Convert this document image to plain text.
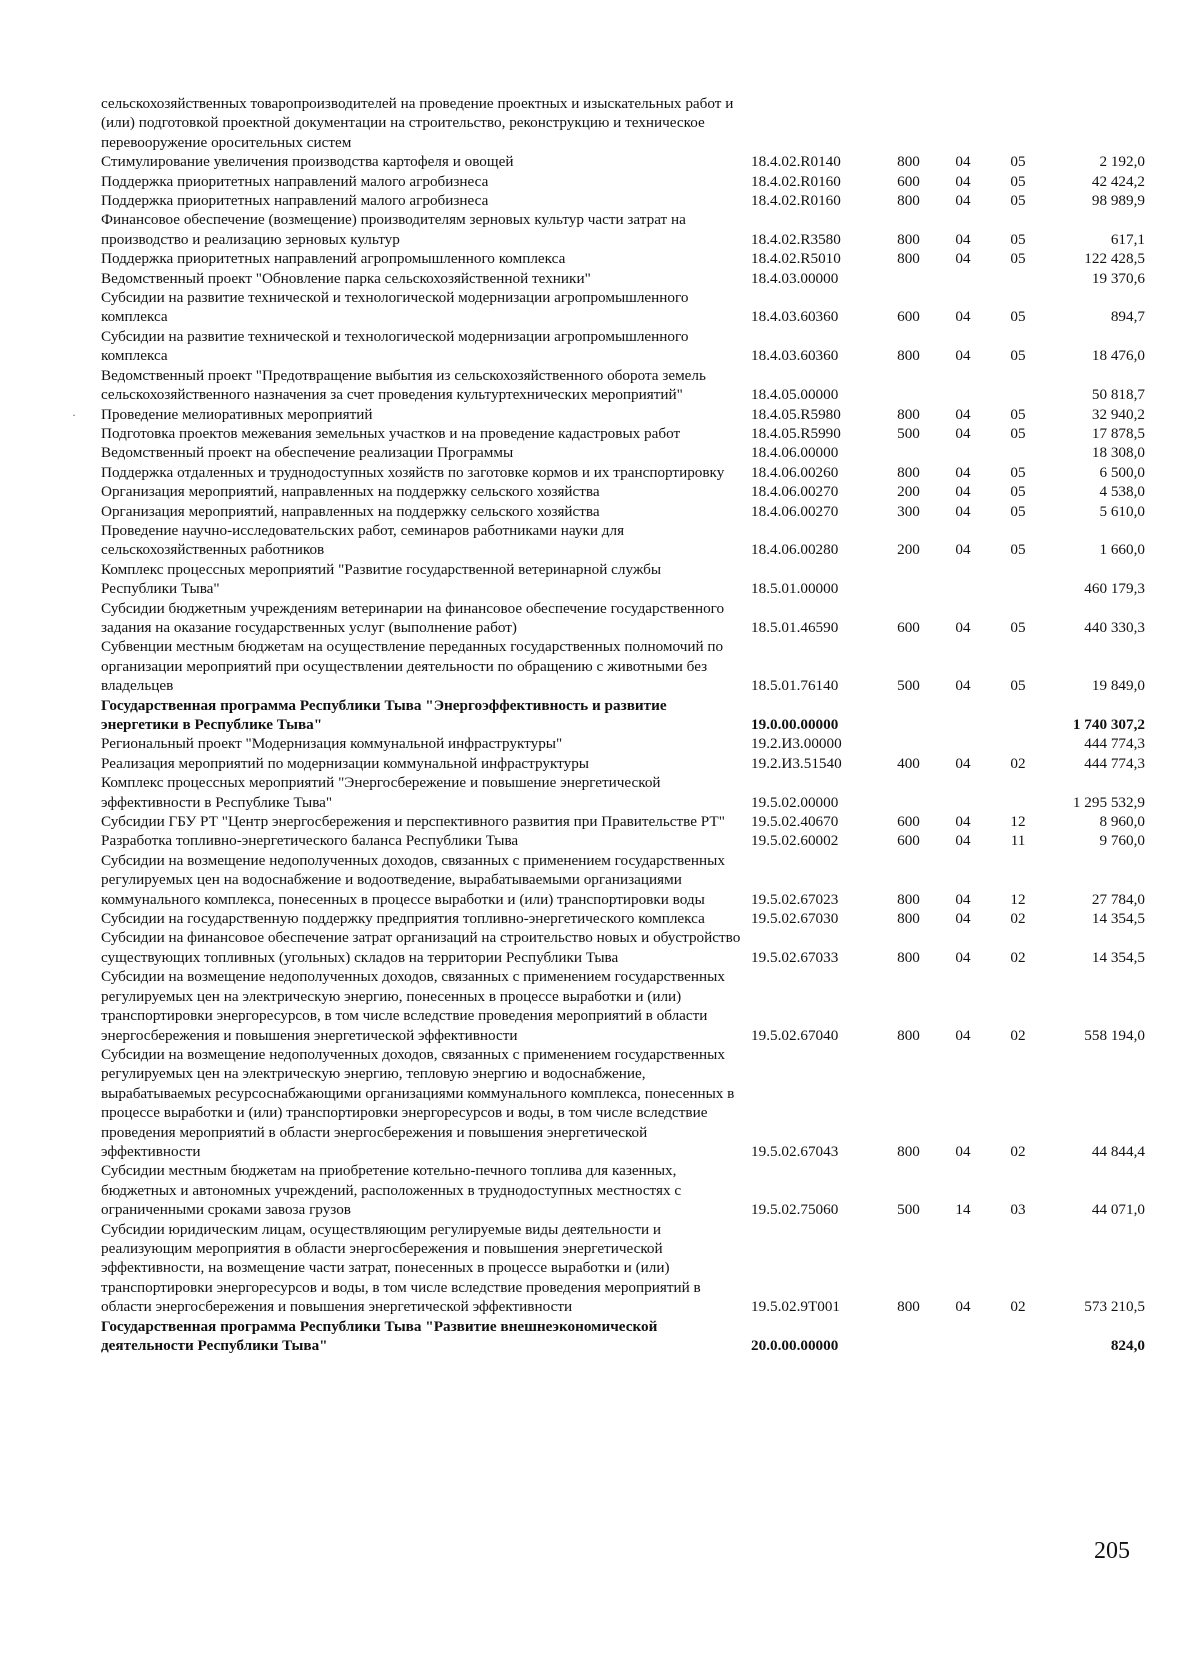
·
сельскохозяйственных товаропроизводителей на проведение проектных и изыскательных работ и (или) подготовкой проектной документации на строительство, реконструкцию и техническое перевооружение оросительных систем					
Стимулирование увеличения производства картофеля и овощей	18.4.02.R0140	800	04	05	2 192,0
Поддержка приоритетных направлений малого агробизнеса	18.4.02.R0160	600	04	05	42 424,2
Поддержка приоритетных направлений малого агробизнеса	18.4.02.R0160	800	04	05	98 989,9
Финансовое обеспечение (возмещение) производителям зерновых культур части затрат на производство и реализацию зерновых культур	18.4.02.R3580	800	04	05	617,1
Поддержка приоритетных направлений агропромышленного комплекса	18.4.02.R5010	800	04	05	122 428,5
Ведомственный проект "Обновление парка сельскохозяйственной техники"	18.4.03.00000				19 370,6
Субсидии на развитие технической и технологической модернизации агропромышленного комплекса	18.4.03.60360	600	04	05	894,7
Субсидии на развитие технической и технологической модернизации агропромышленного комплекса	18.4.03.60360	800	04	05	18 476,0
Ведомственный проект "Предотвращение выбытия из сельскохозяйственного оборота земель сельскохозяйственного назначения за счет проведения культуртехнических мероприятий"	18.4.05.00000				50 818,7
Проведение мелиоративных мероприятий	18.4.05.R5980	800	04	05	32 940,2
Подготовка проектов межевания земельных участков и на проведение кадастровых работ	18.4.05.R5990	500	04	05	17 878,5
Ведомственный проект на обеспечение реализации Программы	18.4.06.00000				18 308,0
Поддержка отдаленных и труднодоступных хозяйств по заготовке кормов и их транспортировку	18.4.06.00260	800	04	05	6 500,0
Организация мероприятий, направленных на поддержку сельского хозяйства	18.4.06.00270	200	04	05	4 538,0
Организация мероприятий, направленных на поддержку сельского хозяйства	18.4.06.00270	300	04	05	5 610,0
Проведение научно-исследовательских работ, семинаров работниками науки для сельскохозяйственных работников	18.4.06.00280	200	04	05	1 660,0
Комплекс процессных мероприятий "Развитие государственной ветеринарной службы Республики Тыва"	18.5.01.00000				460 179,3
Субсидии бюджетным учреждениям ветеринарии на финансовое обеспечение государственного задания на оказание государственных услуг (выполнение работ)	18.5.01.46590	600	04	05	440 330,3
Субвенции местным бюджетам на осуществление переданных государственных полномочий по организации мероприятий при осуществлении деятельности по обращению с животными без владельцев	18.5.01.76140	500	04	05	19 849,0
Государственная программа Республики Тыва "Энергоэффективность и развитие энергетики в Республике Тыва"	19.0.00.00000				1 740 307,2
Региональный проект "Модернизация коммунальной инфраструктуры"	19.2.И3.00000				444 774,3
Реализация мероприятий по модернизации коммунальной инфраструктуры	19.2.И3.51540	400	04	02	444 774,3
Комплекс процессных мероприятий "Энергосбережение и повышение энергетической эффективности в Республике Тыва"	19.5.02.00000				1 295 532,9
Субсидии ГБУ РТ "Центр энергосбережения и перспективного развития при Правительстве РТ"	19.5.02.40670	600	04	12	8 960,0
Разработка топливно-энергетического баланса Республики Тыва	19.5.02.60002	600	04	11	9 760,0
Субсидии на возмещение недополученных доходов, связанных с применением государственных регулируемых цен на водоснабжение и водоотведение, вырабатываемыми организациями коммунального комплекса, понесенных в процессе выработки и (или) транспортировки воды	19.5.02.67023	800	04	12	27 784,0
Субсидии на государственную поддержку предприятия топливно-энергетического комплекса	19.5.02.67030	800	04	02	14 354,5
Субсидии на финансовое обеспечение затрат организаций на строительство новых и обустройство существующих топливных (угольных) складов на территории Республики Тыва	19.5.02.67033	800	04	02	14 354,5
Субсидии на возмещение недополученных доходов, связанных с применением государственных регулируемых цен на электрическую энергию, понесенных в процессе выработки и (или) транспортировки энергоресурсов, в том числе вследствие проведения мероприятий в области энергосбережения и повышения энергетической эффективности	19.5.02.67040	800	04	02	558 194,0
Субсидии на возмещение недополученных доходов, связанных с применением государственных регулируемых цен на электрическую энергию, тепловую энергию и водоснабжение, вырабатываемых ресурсоснабжающими организациями коммунального комплекса, понесенных в процессе выработки и (или) транспортировки энергоресурсов и воды, в том числе вследствие проведения мероприятий в области энергосбережения и повышения энергетической эффективности	19.5.02.67043	800	04	02	44 844,4
Субсидии местным бюджетам на приобретение котельно-печного топлива для казенных, бюджетных и автономных учреждений, расположенных в труднодоступных местностях с ограниченными сроками завоза грузов	19.5.02.75060	500	14	03	44 071,0
Субсидии юридическим лицам, осуществляющим регулируемые виды деятельности и реализующим мероприятия в области энергосбережения и повышения энергетической эффективности, на возмещение части затрат, понесенных в процессе выработки и (или) транспортировки энергоресурсов и воды, в том числе вследствие проведения мероприятий в области энергосбережения и повышения энергетической эффективности	19.5.02.9Т001	800	04	02	573 210,5
Государственная программа Республики Тыва "Развитие внешнеэкономической деятельности Республики Тыва"	20.0.00.00000				824,0
205
